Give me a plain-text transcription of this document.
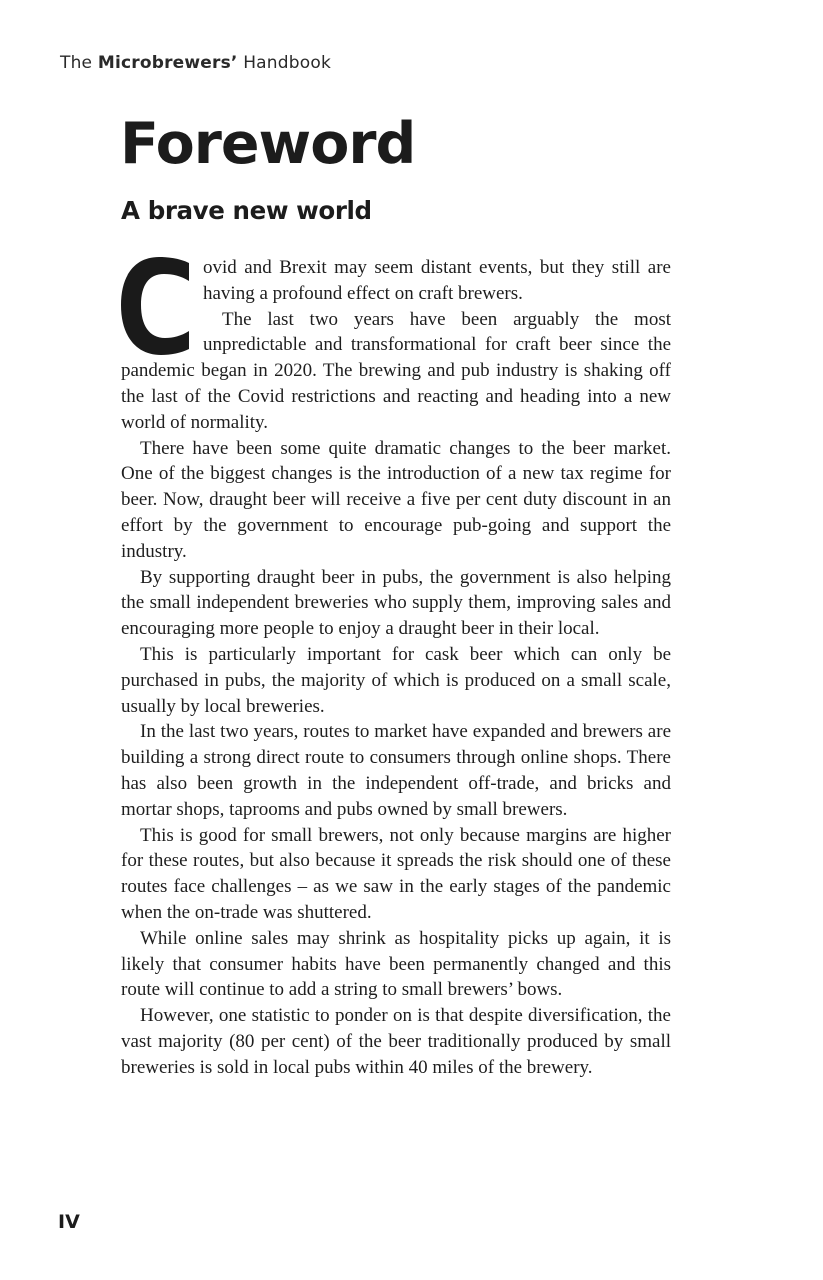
The Microbrewers’ Handbook
Foreword
A brave new world

ovid and Brexit may seem distant events, but they still are having a profound effect on craft brewers.

The last two years have been arguably the most unpredictable and transformational for craft beer since the pandemic began in 2020. The brewing and pub industry is shaking off the last of the Covid restrictions and reacting and heading into a new world of normality.

There have been some quite dramatic changes to the beer market. One of the biggest changes is the introduction of a new tax regime for beer. Now, draught beer will receive a five per cent duty discount in an effort by the government to encourage pub-going and support the industry.

By supporting draught beer in pubs, the government is also helping the small independent breweries who supply them, improving sales and encouraging more people to enjoy a draught beer in their local.

This is particularly important for cask beer which can only be purchased in pubs, the majority of which is produced on a small scale, usually by local breweries.

In the last two years, routes to market have expanded and brewers are building a strong direct route to consumers through online shops. There has also been growth in the independent off-trade, and bricks and mortar shops, taprooms and pubs owned by small brewers.

This is good for small brewers, not only because margins are higher for these routes, but also because it spreads the risk should one of these routes face challenges – as we saw in the early stages of the pandemic when the on-trade was shuttered.

While online sales may shrink as hospitality picks up again, it is likely that consumer habits have been permanently changed and this route will continue to add a string to small brewers’ bows.

However, one statistic to ponder on is that despite diversification, the vast majority (80 per cent) of the beer traditionally produced by small breweries is sold in local pubs within 40 miles of the brewery.

IV
